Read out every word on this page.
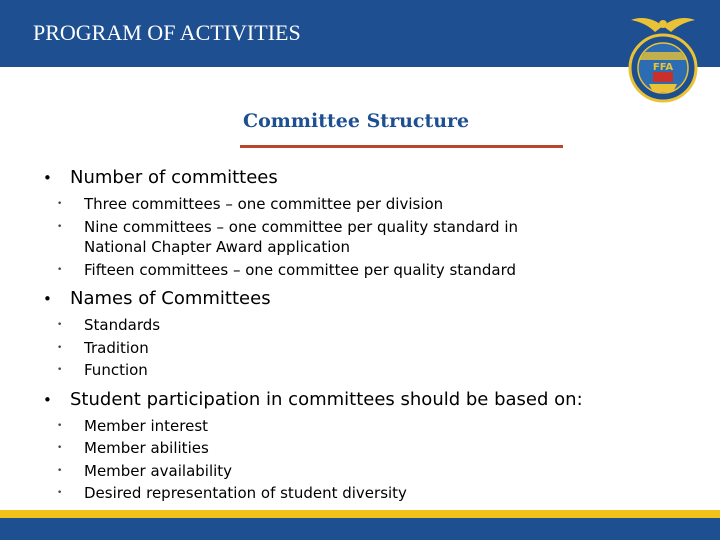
PROGRAM OF ACTIVITIES
FFA
Committee Structure
• Number of committees
• Three committees – one committee per division
• Nine committees – one committee per quality standard in National Chapter Award application
• Fifteen committees – one committee per quality standard
• Names of Committees
• Standards
• Tradition
• Function
• Student participation in committees should be based on:
• Member interest
• Member abilities
• Member availability
• Desired representation of student diversity
